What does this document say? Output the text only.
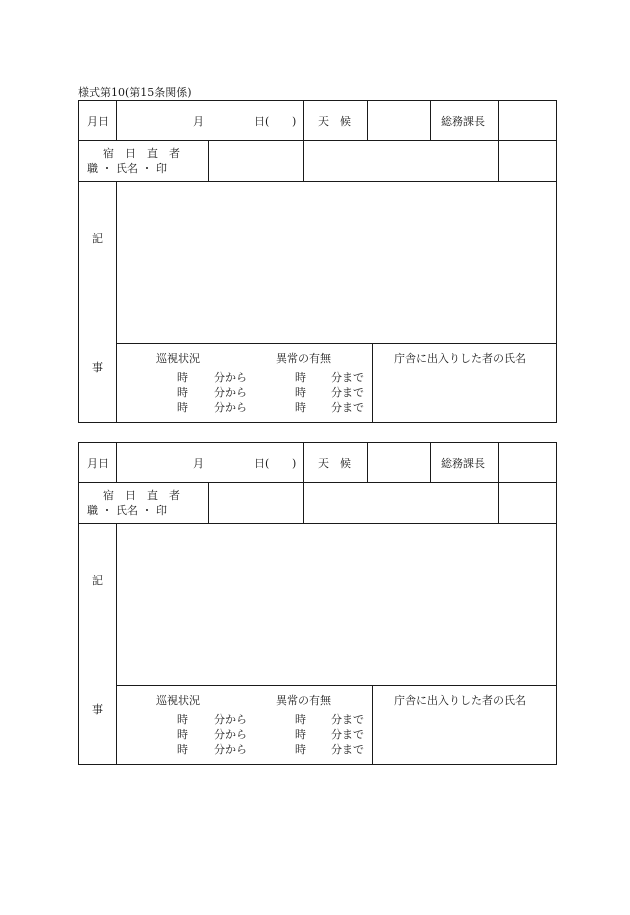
様式第10(第15条関係)
月日	月	日( ) 天　候	総務課長
宿　日　直　者
職 ・ 氏名 ・ 印
記
事
巡視状況	異常の有無	庁舎に出入りした者の氏名
時 分から	時 分まで
時 分から	時 分まで
時 分から	時 分まで
月日	月	日( ) 天　候	総務課長
宿　日　直　者
職 ・ 氏名 ・ 印
記
事
巡視状況	異常の有無	庁舎に出入りした者の氏名
時 分から	時 分まで
時 分から	時 分まで
時 分から	時 分まで
